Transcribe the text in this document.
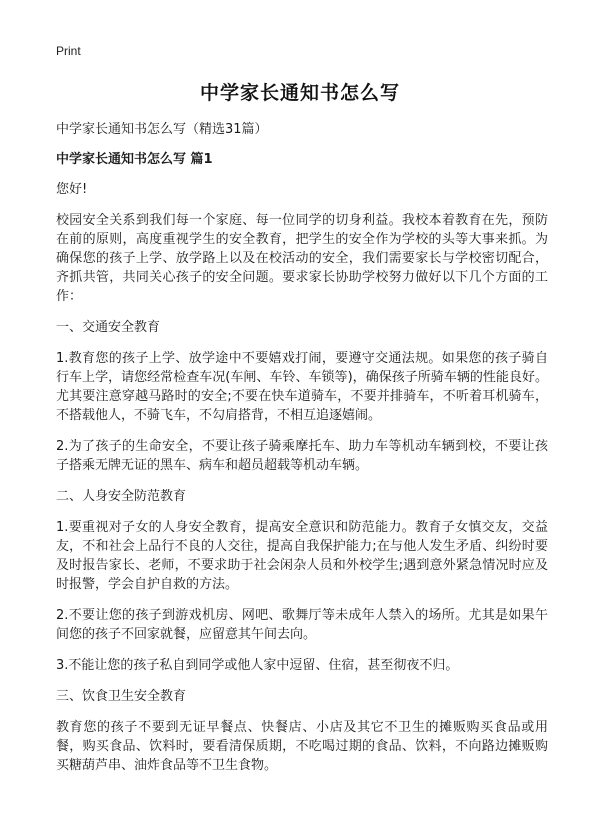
Print
中学家长通知书怎么写
中学家长通知书怎么写（精选31篇）
中学家长通知书怎么写 篇1
您好!
校园安全关系到我们每一个家庭、每一位同学的切身利益。我校本着教育在先，预防在前的原则，高度重视学生的安全教育，把学生的安全作为学校的头等大事来抓。为确保您的孩子上学、放学路上以及在校活动的安全，我们需要家长与学校密切配合，齐抓共管，共同关心孩子的安全问题。要求家长协助学校努力做好以下几个方面的工作：
一、交通安全教育
1.教育您的孩子上学、放学途中不要嬉戏打闹，要遵守交通法规。如果您的孩子骑自行车上学，请您经常检查车况(车闸、车铃、车锁等)，确保孩子所骑车辆的性能良好。尤其要注意穿越马路时的安全;不要在快车道骑车，不要并排骑车，不听着耳机骑车，不搭载他人，不骑飞车，不勾肩搭背，不相互追逐嬉闹。
2.为了孩子的生命安全，不要让孩子骑乘摩托车、助力车等机动车辆到校，不要让孩子搭乘无牌无证的黑车、病车和超员超载等机动车辆。
二、人身安全防范教育
1.要重视对子女的人身安全教育，提高安全意识和防范能力。教育子女慎交友，交益友，不和社会上品行不良的人交往，提高自我保护能力;在与他人发生矛盾、纠纷时要及时报告家长、老师，不要求助于社会闲杂人员和外校学生;遇到意外紧急情况时应及时报警，学会自护自救的方法。
2.不要让您的孩子到游戏机房、网吧、歌舞厅等未成年人禁入的场所。尤其是如果午间您的孩子不回家就餐，应留意其午间去向。
3.不能让您的孩子私自到同学或他人家中逗留、住宿，甚至彻夜不归。
三、饮食卫生安全教育
教育您的孩子不要到无证早餐点、快餐店、小店及其它不卫生的摊贩购买食品或用餐，购买食品、饮料时，要看清保质期，不吃喝过期的食品、饮料，不向路边摊贩购买糖葫芦串、油炸食品等不卫生食物。
